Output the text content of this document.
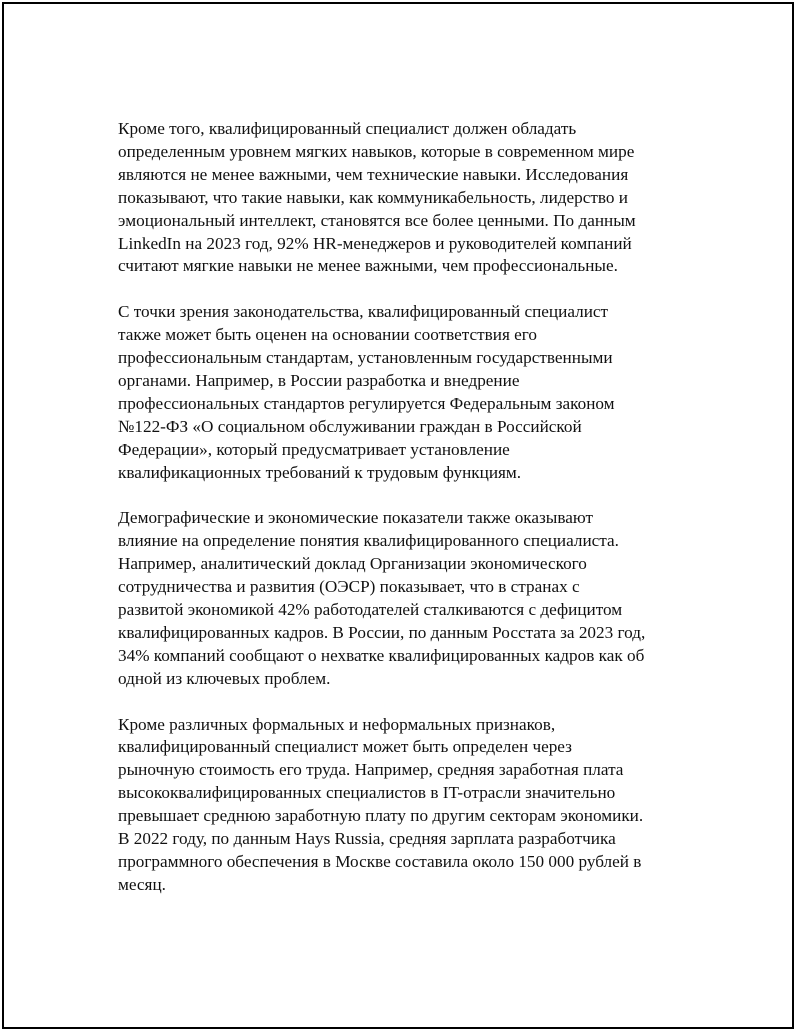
Кроме того, квалифицированный специалист должен обладать
определенным уровнем мягких навыков, которые в современном мире
являются не менее важными, чем технические навыки. Исследования
показывают, что такие навыки, как коммуникабельность, лидерство и
эмоциональный интеллект, становятся все более ценными. По данным
LinkedIn на 2023 год, 92% HR-менеджеров и руководителей компаний
считают мягкие навыки не менее важными, чем профессиональные.

С точки зрения законодательства, квалифицированный специалист
также может быть оценен на основании соответствия его
профессиональным стандартам, установленным государственными
органами. Например, в России разработка и внедрение
профессиональных стандартов регулируется Федеральным законом
№122-ФЗ «О социальном обслуживании граждан в Российской
Федерации», который предусматривает установление
квалификационных требований к трудовым функциям.

Демографические и экономические показатели также оказывают
влияние на определение понятия квалифицированного специалиста.
Например, аналитический доклад Организации экономического
сотрудничества и развития (ОЭСР) показывает, что в странах с
развитой экономикой 42% работодателей сталкиваются с дефицитом
квалифицированных кадров. В России, по данным Росстата за 2023 год,
34% компаний сообщают о нехватке квалифицированных кадров как об
одной из ключевых проблем.

Кроме различных формальных и неформальных признаков,
квалифицированный специалист может быть определен через
рыночную стоимость его труда. Например, средняя заработная плата
высококвалифицированных специалистов в IT-отрасли значительно
превышает среднюю заработную плату по другим секторам экономики.
В 2022 году, по данным Hays Russia, средняя зарплата разработчика
программного обеспечения в Москве составила около 150 000 рублей в
месяц.
